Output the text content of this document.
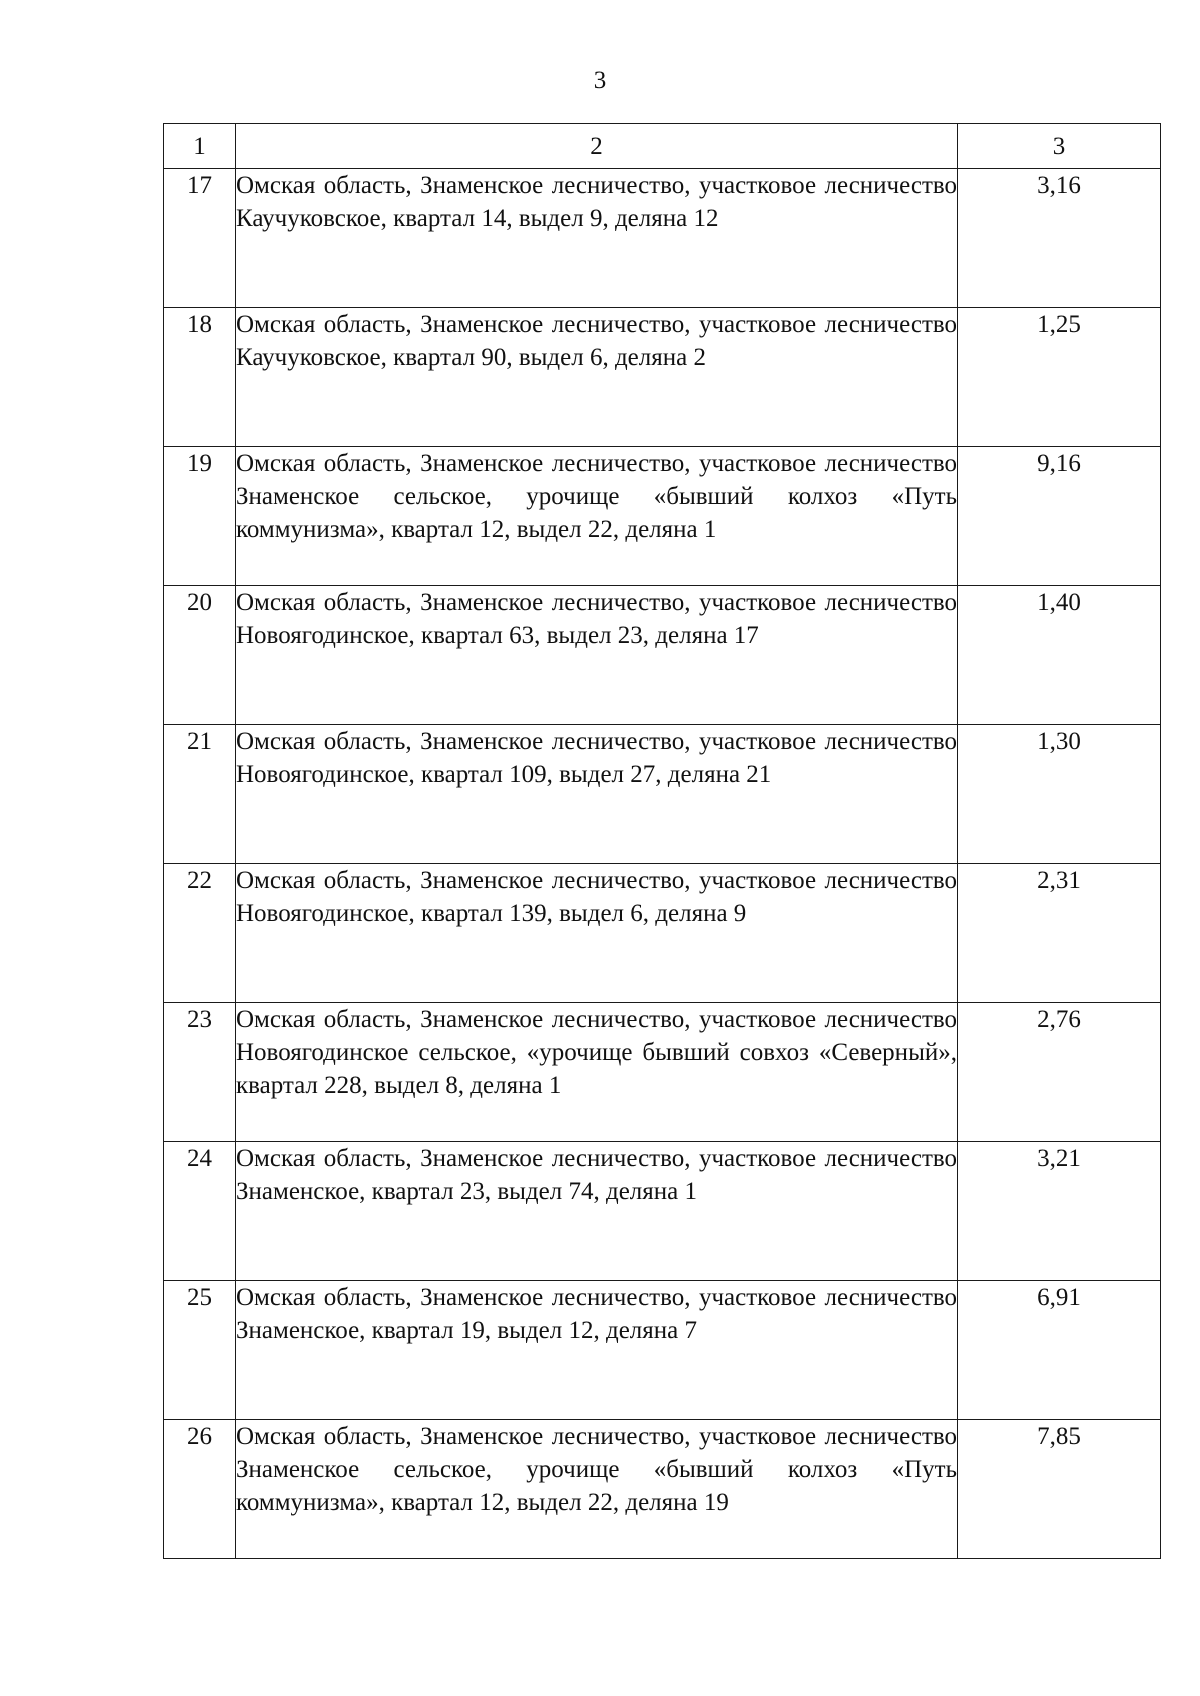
3
1	2	3
17	Омская область, Знаменское лесничество, участковое лесничество Каучуковское, квартал 14, выдел 9, деляна 12	3,16
18	Омская область, Знаменское лесничество, участковое лесничество Каучуковское, квартал 90, выдел 6, деляна 2	1,25
19	Омская область, Знаменское лесничество, участковое лесничество Знаменское сельское, урочище «бывший колхоз «Путь коммунизма», квартал 12, выдел 22, деляна 1	9,16
20	Омская область, Знаменское лесничество, участковое лесничество Новоягодинское, квартал 63, выдел 23, деляна 17	1,40
21	Омская область, Знаменское лесничество, участковое лесничество Новоягодинское, квартал 109, выдел 27, деляна 21	1,30
22	Омская область, Знаменское лесничество, участковое лесничество Новоягодинское, квартал 139, выдел 6, деляна 9	2,31
23	Омская область, Знаменское лесничество, участковое лесничество Новоягодинское сельское, «урочище бывший совхоз «Северный», квартал 228, выдел 8, деляна 1	2,76
24	Омская область, Знаменское лесничество, участковое лесничество Знаменское, квартал 23, выдел 74, деляна 1	3,21
25	Омская область, Знаменское лесничество, участковое лесничество Знаменское, квартал 19, выдел 12, деляна 7	6,91
26	Омская область, Знаменское лесничество, участковое лесничество Знаменское сельское, урочище «бывший колхоз «Путь коммунизма», квартал 12, выдел 22, деляна 19	7,85
